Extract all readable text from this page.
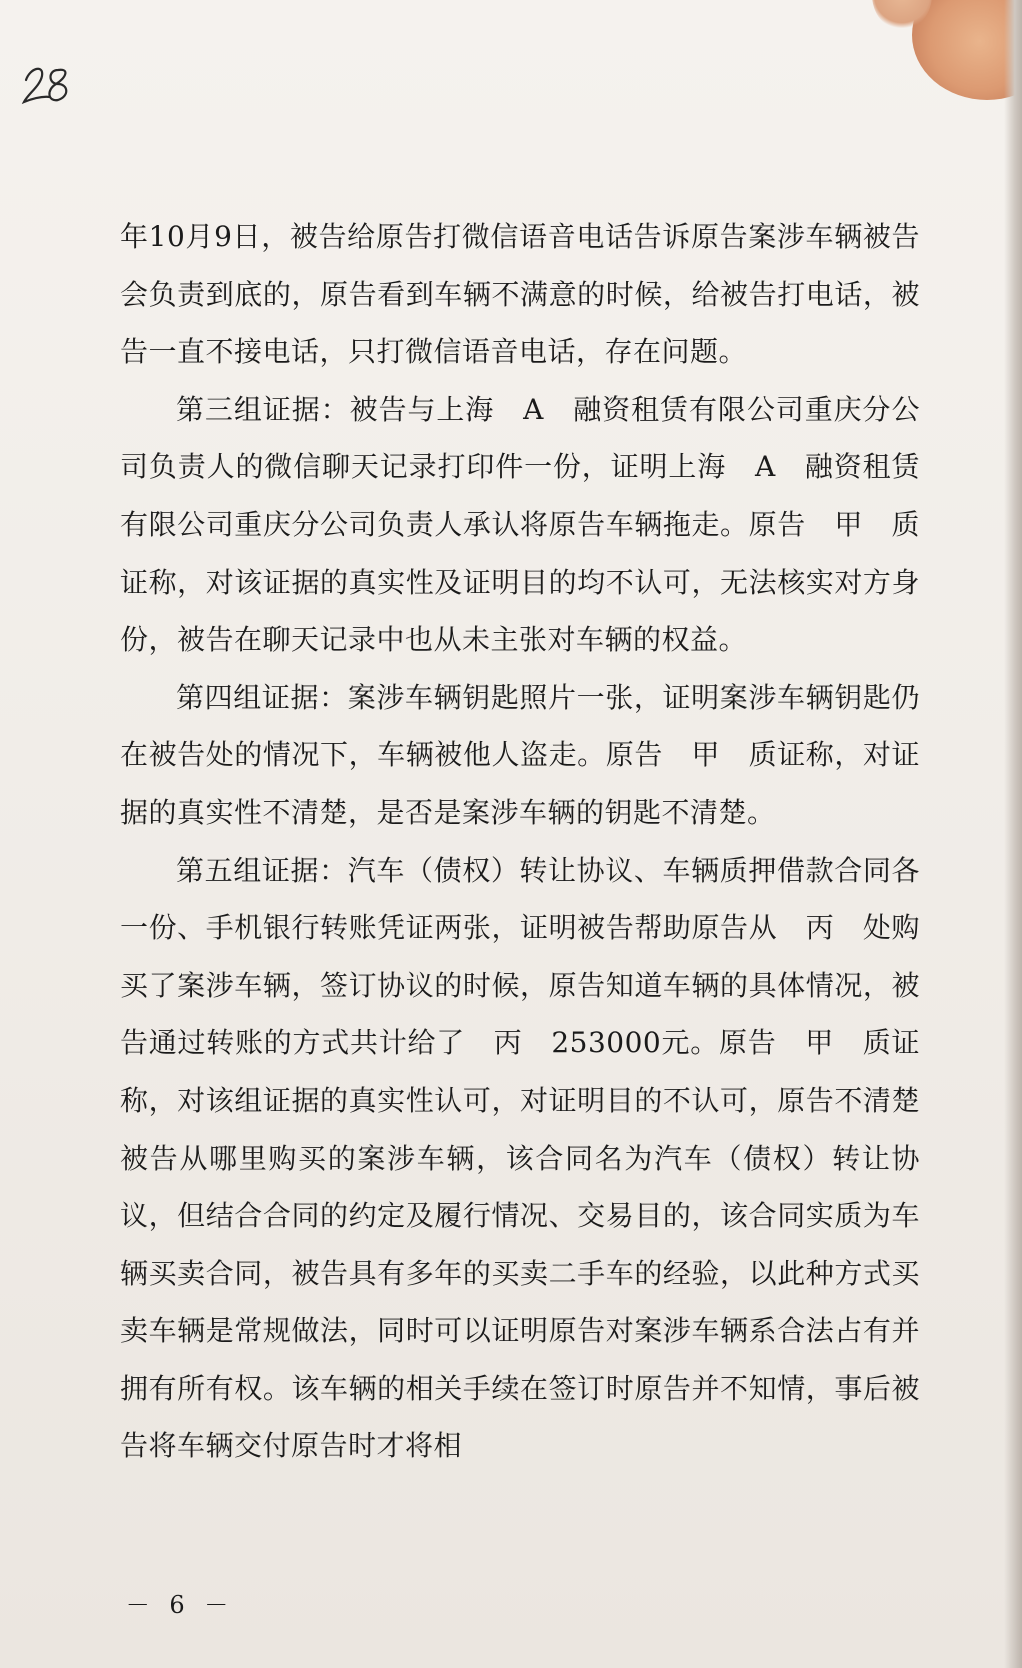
年10月9日，被告给原告打微信语音电话告诉原告案涉车辆被告会负责到底的，原告看到车辆不满意的时候，给被告打电话，被告一直不接电话，只打微信语音电话，存在问题。

第三组证据：被告与上海　A　融资租赁有限公司重庆分公司负责人的微信聊天记录打印件一份，证明上海　A　融资租赁有限公司重庆分公司负责人承认将原告车辆拖走。原告　甲　质证称，对该证据的真实性及证明目的均不认可，无法核实对方身份，被告在聊天记录中也从未主张对车辆的权益。

第四组证据：案涉车辆钥匙照片一张，证明案涉车辆钥匙仍在被告处的情况下，车辆被他人盗走。原告　甲　质证称，对证据的真实性不清楚，是否是案涉车辆的钥匙不清楚。

第五组证据：汽车（债权）转让协议、车辆质押借款合同各一份、手机银行转账凭证两张，证明被告帮助原告从　丙　处购买了案涉车辆，签订协议的时候，原告知道车辆的具体情况，被告通过转账的方式共计给了　丙　253000元。原告　甲　质证称，对该组证据的真实性认可，对证明目的不认可，原告不清楚被告从哪里购买的案涉车辆，该合同名为汽车（债权）转让协议，但结合合同的约定及履行情况、交易目的，该合同实质为车辆买卖合同，被告具有多年的买卖二手车的经验，以此种方式买卖车辆是常规做法，同时可以证明原告对案涉车辆系合法占有并拥有所有权。该车辆的相关手续在签订时原告并不知情，事后被告将车辆交付原告时才将相

－ 6 －
